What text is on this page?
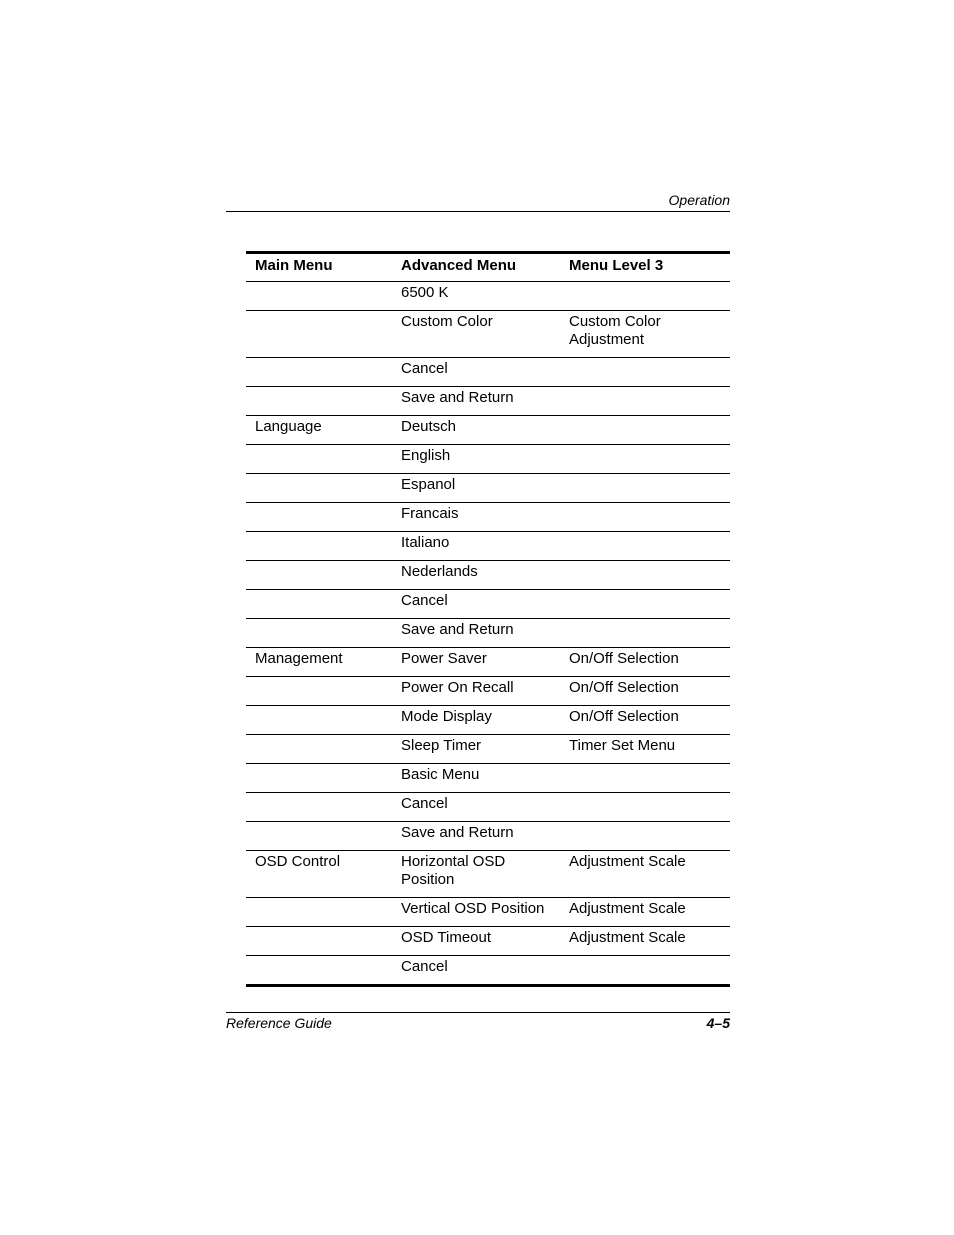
Operation
Main Menu	Advanced Menu	Menu Level 3
	6500 K	
	Custom Color	Custom Color Adjustment
	Cancel	
	Save and Return	
Language	Deutsch	
	English	
	Espanol	
	Francais	
	Italiano	
	Nederlands	
	Cancel	
	Save and Return	
Management	Power Saver	On/Off Selection
	Power On Recall	On/Off Selection
	Mode Display	On/Off Selection
	Sleep Timer	Timer Set Menu
	Basic Menu	
	Cancel	
	Save and Return	
OSD Control	Horizontal OSD Position	Adjustment Scale
	Vertical OSD Position	Adjustment Scale
	OSD Timeout	Adjustment Scale
	Cancel	
Reference Guide	4–5
